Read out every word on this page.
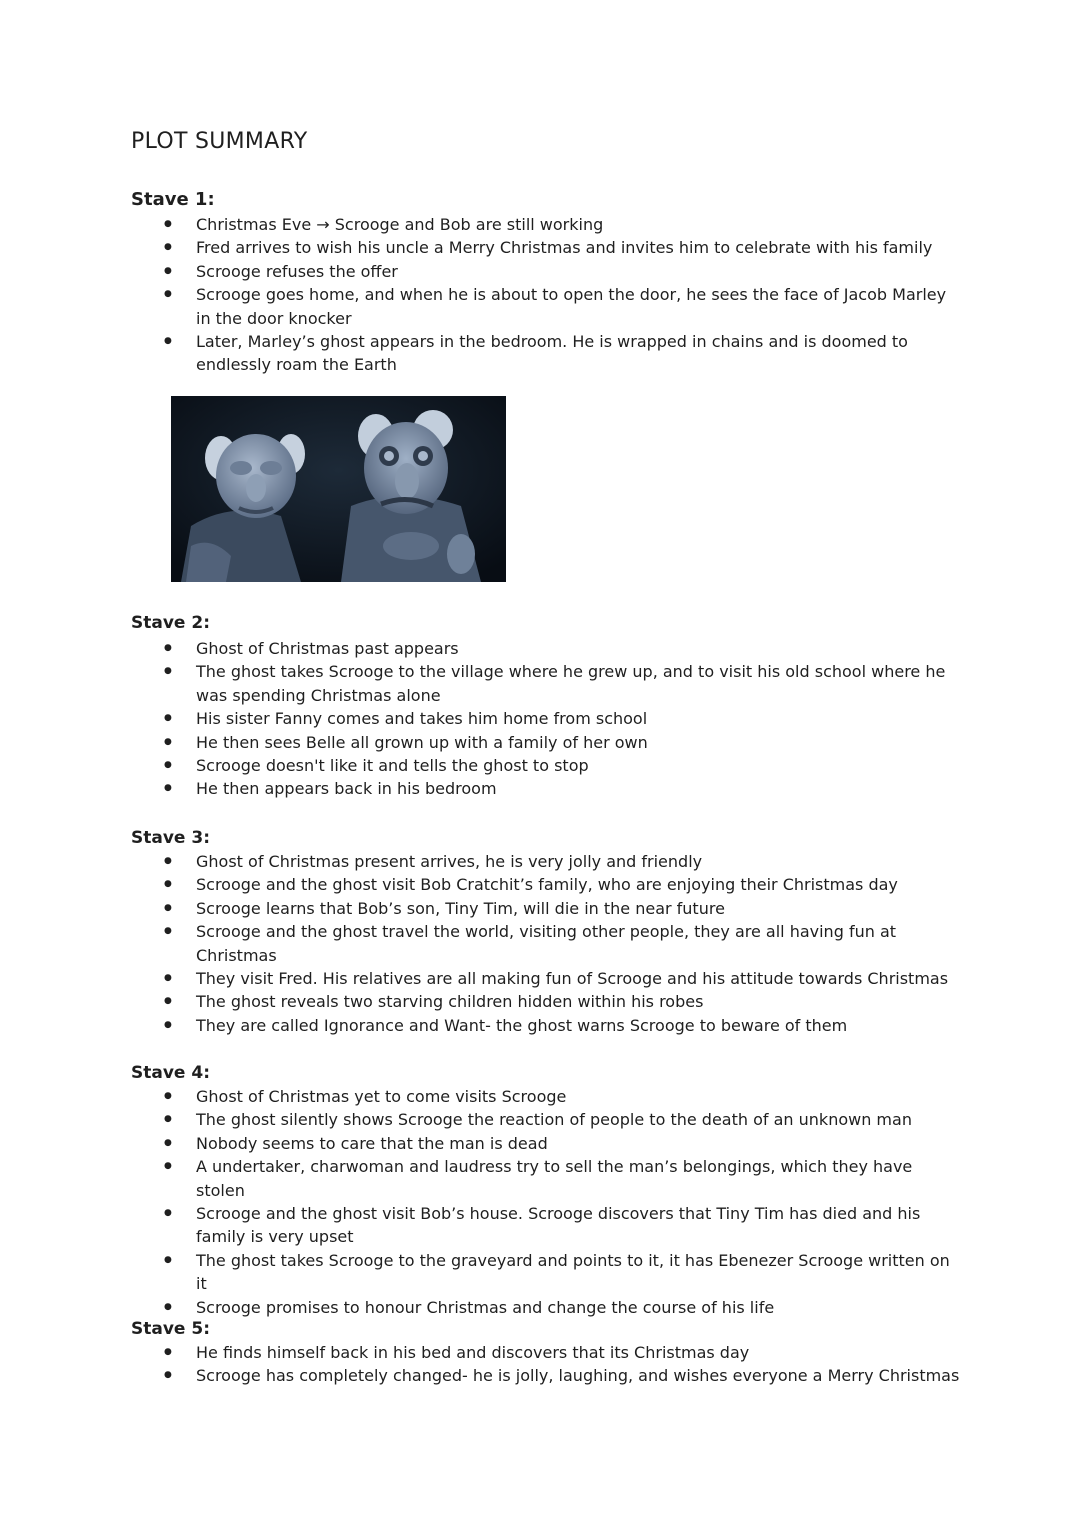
PLOT SUMMARY
Stave 1:
● Christmas Eve → Scrooge and Bob are still working
● Fred arrives to wish his uncle a Merry Christmas and invites him to celebrate with his family
● Scrooge refuses the offer
● Scrooge goes home, and when he is about to open the door, he sees the face of Jacob Marley in the door knocker
● Later, Marley’s ghost appears in the bedroom. He is wrapped in chains and is doomed to endlessly roam the Earth
Stave 2:
● Ghost of Christmas past appears
● The ghost takes Scrooge to the village where he grew up, and to visit his old school where he was spending Christmas alone
● His sister Fanny comes and takes him home from school
● He then sees Belle all grown up with a family of her own
● Scrooge doesn't like it and tells the ghost to stop
● He then appears back in his bedroom
Stave 3:
● Ghost of Christmas present arrives, he is very jolly and friendly
● Scrooge and the ghost visit Bob Cratchit’s family, who are enjoying their Christmas day
● Scrooge learns that Bob’s son, Tiny Tim, will die in the near future
● Scrooge and the ghost travel the world, visiting other people, they are all having fun at Christmas
● They visit Fred. His relatives are all making fun of Scrooge and his attitude towards Christmas
● The ghost reveals two starving children hidden within his robes
● They are called Ignorance and Want- the ghost warns Scrooge to beware of them
Stave 4:
● Ghost of Christmas yet to come visits Scrooge
● The ghost silently shows Scrooge the reaction of people to the death of an unknown man
● Nobody seems to care that the man is dead
● A undertaker, charwoman and laudress try to sell the man’s belongings, which they have stolen
● Scrooge and the ghost visit Bob’s house. Scrooge discovers that Tiny Tim has died and his family is very upset
● The ghost takes Scrooge to the graveyard and points to it, it has Ebenezer Scrooge written on it
● Scrooge promises to honour Christmas and change the course of his life
Stave 5:
● He finds himself back in his bed and discovers that its Christmas day
● Scrooge has completely changed- he is jolly, laughing, and wishes everyone a Merry Christmas
